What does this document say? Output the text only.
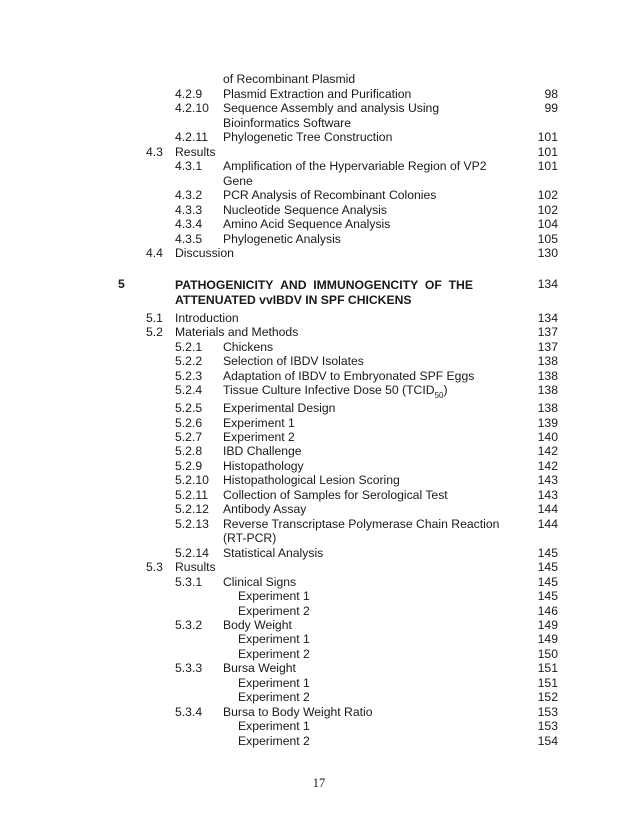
of Recombinant Plasmid
4.2.9 Plasmid Extraction and Purification	98
4.2.10 Sequence Assembly and analysis Using	99
Bioinformatics Software
4.2.11 Phylogenetic Tree Construction	101
4.3 Results	101
4.3.1 Amplification of the Hypervariable Region of VP2	101
Gene
4.3.2 PCR Analysis of Recombinant Colonies	102
4.3.3 Nucleotide Sequence Analysis	102
4.3.4 Amino Acid Sequence Analysis	104
4.3.5 Phylogenetic Analysis	105
4.4 Discussion	130
5	PATHOGENICITY AND IMMUNOGENCITY OF THE	134
ATTENUATED vvIBDV IN SPF CHICKENS
5.1 Introduction	134
5.2 Materials and Methods	137
5.2.1 Chickens	137
5.2.2 Selection of IBDV Isolates	138
5.2.3 Adaptation of IBDV to Embryonated SPF Eggs	138
5.2.4 Tissue Culture Infective Dose 50 $(TCID_{50})$	138
5.2.5 Experimental Design	138
5.2.6 Experiment 1	139
5.2.7 Experiment 2	140
5.2.8 IBD Challenge	142
5.2.9 Histopathology	142
5.2.10 Histopathological Lesion Scoring	143
5.2.11 Collection of Samples for Serological Test	143
5.2.12 Antibody Assay	144
5.2.13 Reverse Transcriptase Polymerase Chain Reaction	144
(RT-PCR)
5.2.14 Statistical Analysis	145
5.3 Rusults	145
5.3.1 Clinical Signs	145
Experiment 1	145
Experiment 2	146
5.3.2 Body Weight	149
Experiment 1	149
Experiment 2	150
5.3.3 Bursa Weight	151
Experiment 1	151
Experiment 2	152
5.3.4 Bursa to Body Weight Ratio	153
Experiment 1	153
Experiment 2	154
17
